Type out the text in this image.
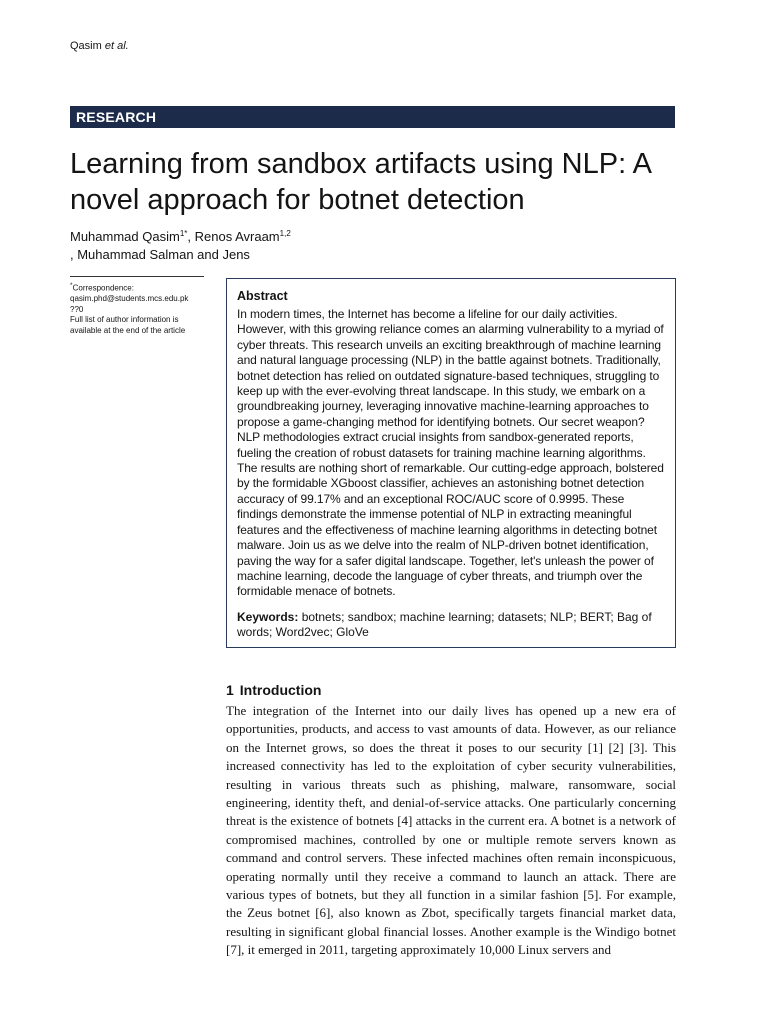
Qasim et al.
RESEARCH
Learning from sandbox artifacts using NLP: A novel approach for botnet detection
Muhammad Qasim$^{1*}$, Renos Avraam$^{1,2}$
, Muhammad Salman and Jens

*Correspondence:

qasim.phd@students.mcs.edu.pk

??0

Full list of author information is available at the end of the article

Abstract

In modern times, the Internet has become a lifeline for our daily activities. However, with this growing reliance comes an alarming vulnerability to a myriad of cyber threats. This research unveils an exciting breakthrough of machine learning and natural language processing (NLP) in the battle against botnets. Traditionally, botnet detection has relied on outdated signature-based techniques, struggling to keep up with the ever-evolving threat landscape. In this study, we embark on a groundbreaking journey, leveraging innovative machine-learning approaches to propose a game-changing method for identifying botnets. Our secret weapon? NLP methodologies extract crucial insights from sandbox-generated reports, fueling the creation of robust datasets for training machine learning algorithms. The results are nothing short of remarkable. Our cutting-edge approach, bolstered by the formidable XGboost classifier, achieves an astonishing botnet detection accuracy of 99.17% and an exceptional ROC/AUC score of 0.9995. These findings demonstrate the immense potential of NLP in extracting meaningful features and the effectiveness of machine learning algorithms in detecting botnet malware. Join us as we delve into the realm of NLP-driven botnet identification, paving the way for a safer digital landscape. Together, let's unleash the power of machine learning, decode the language of cyber threats, and triumph over the formidable menace of botnets.

Keywords: botnets; sandbox; machine learning; datasets; NLP; BERT; Bag of words; Word2vec; GloVe

1 Introduction

The integration of the Internet into our daily lives has opened up a new era of opportunities, products, and access to vast amounts of data. However, as our reliance on the Internet grows, so does the threat it poses to our security [1] [2] [3]. This increased connectivity has led to the exploitation of cyber security vulnerabilities, resulting in various threats such as phishing, malware, ransomware, social engineering, identity theft, and denial-of-service attacks. One particularly concerning threat is the existence of botnets [4] attacks in the current era. A botnet is a network of compromised machines, controlled by one or multiple remote servers known as command and control servers. These infected machines often remain inconspicuous, operating normally until they receive a command to launch an attack. There are various types of botnets, but they all function in a similar fashion [5]. For example, the Zeus botnet [6], also known as Zbot, specifically targets financial market data, resulting in significant global financial losses. Another example is the Windigo botnet [7], it emerged in 2011, targeting approximately 10,000 Linux servers and
